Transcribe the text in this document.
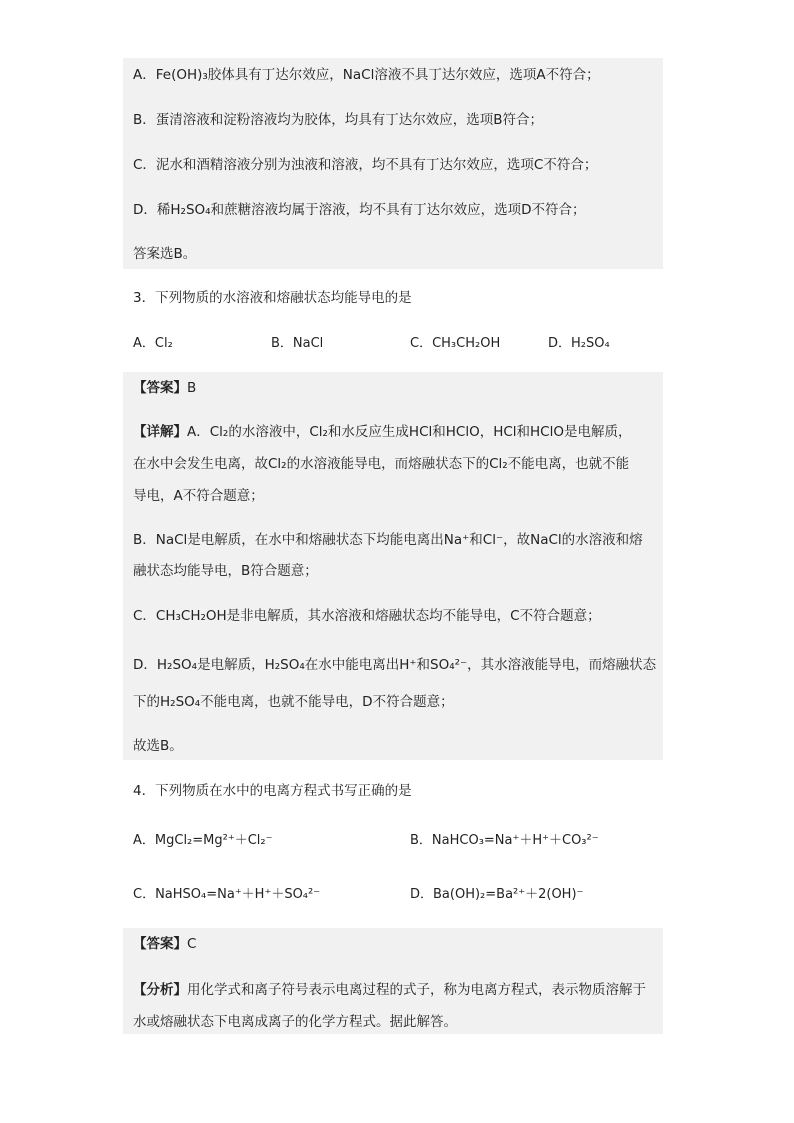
A．Fe(OH)₃胶体具有丁达尔效应，NaCl溶液不具丁达尔效应，选项A不符合；
B．蛋清溶液和淀粉溶液均为胶体，均具有丁达尔效应，选项B符合；
C．泥水和酒精溶液分别为浊液和溶液，均不具有丁达尔效应，选项C不符合；
D．稀H₂SO₄和蔗糖溶液均属于溶液，均不具有丁达尔效应，选项D不符合；
答案选B。
3．下列物质的水溶液和熔融状态均能导电的是
A．Cl₂	B．NaCl	C．CH₃CH₂OH	D．H₂SO₄
【答案】B
【详解】A．Cl₂的水溶液中，Cl₂和水反应生成HCl和HClO，HCl和HClO是电解质，
在水中会发生电离，故Cl₂的水溶液能导电，而熔融状态下的Cl₂不能电离，也就不能
导电，A不符合题意；
B．NaCl是电解质，在水中和熔融状态下均能电离出Na⁺和Cl⁻，故NaCl的水溶液和熔
融状态均能导电，B符合题意；
C．CH₃CH₂OH是非电解质，其水溶液和熔融状态均不能导电，C不符合题意；
D．H₂SO₄是电解质，H₂SO₄在水中能电离出H⁺和SO₄²⁻，其水溶液能导电，而熔融状态
下的H₂SO₄不能电离，也就不能导电，D不符合题意；
故选B。
4．下列物质在水中的电离方程式书写正确的是
A．MgCl₂=Mg²⁺＋Cl₂⁻	B．NaHCO₃=Na⁺＋H⁺＋CO₃²⁻
C．NaHSO₄=Na⁺＋H⁺＋SO₄²⁻	D．Ba(OH)₂=Ba²⁺＋2(OH)⁻
【答案】C
【分析】用化学式和离子符号表示电离过程的式子，称为电离方程式，表示物质溶解于
水或熔融状态下电离成离子的化学方程式。据此解答。
